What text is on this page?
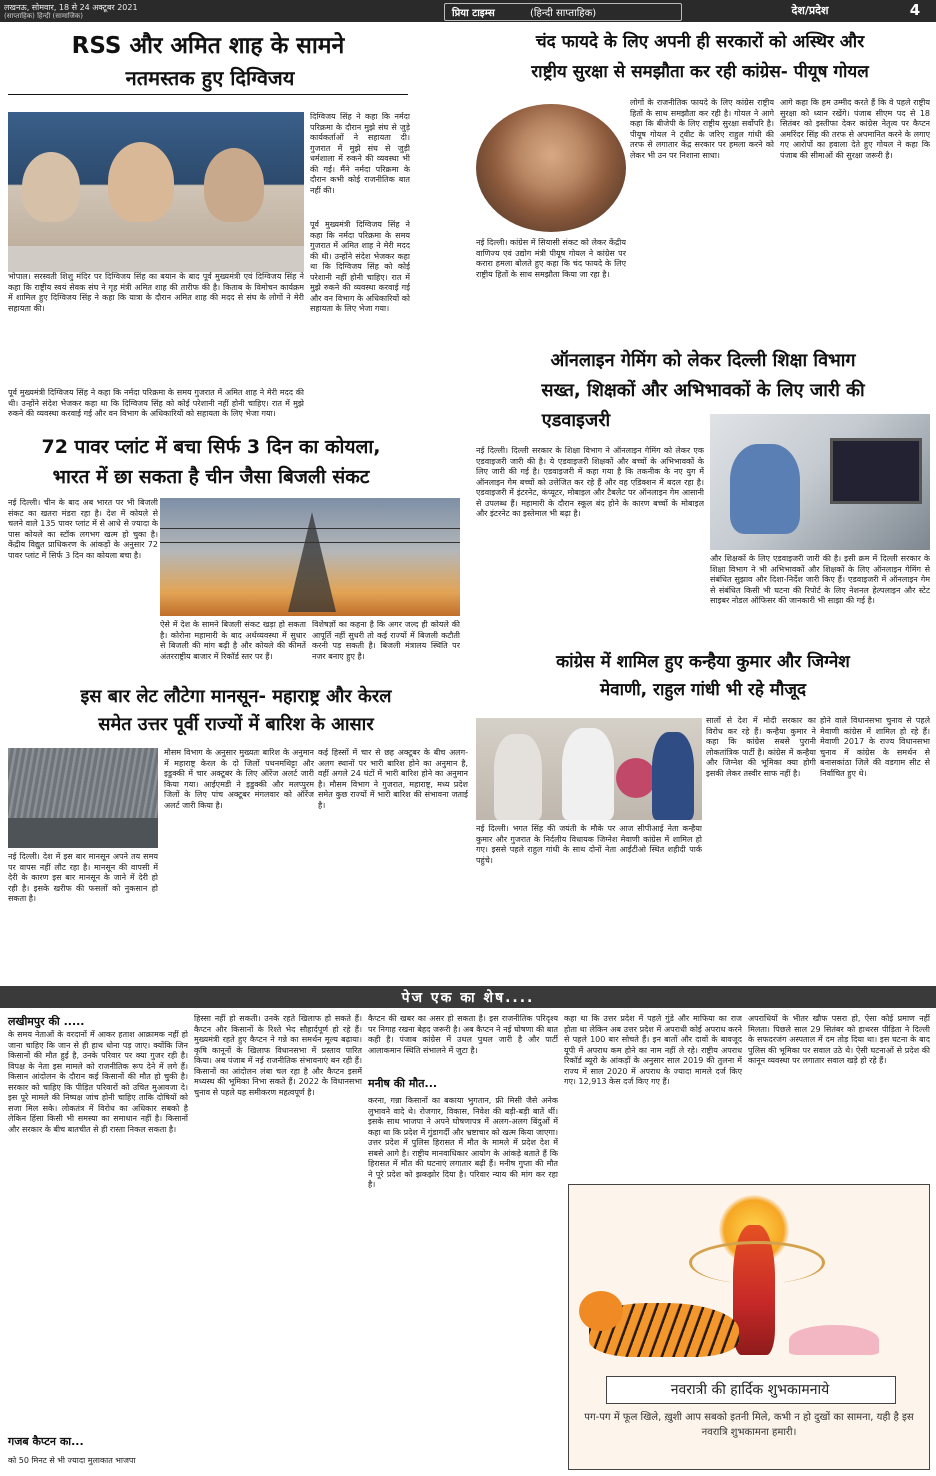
लखनऊ, सोमवार, 18 से 24 अक्टूबर 2021
(साप्ताहिक) हिन्दी (सामाजिक)	प्रिया टाइम्स	(हिन्दी साप्ताहिक)	देश/प्रदेश	4
RSS और अमित शाह के सामने
नतमस्तक हुए दिग्विजय
भोपाल। सरस्वती शिशु मंदिर पर दिग्विजय सिंह का बयान के बाद पूर्व मुख्यमंत्री एवं दिग्विजय सिंह ने कहा कि राष्ट्रीय स्वयं सेवक संघ ने गृह मंत्री अमित शाह की तारीफ की है। किताब के विमोचन कार्यक्रम में शामिल हुए दिग्विजय सिंह ने कहा कि यात्रा के दौरान अमित शाह की मदद से संघ के लोगों ने मेरी सहायता की।
दिग्विजय सिंह ने कहा कि नर्मदा परिक्रमा के दौरान मुझे संघ से जुड़े कार्यकर्ताओं ने सहायता दी। गुजरात में मुझे संघ से जुड़ी धर्मशाला में रुकने की व्यवस्था भी की गई। मैंने नर्मदा परिक्रमा के दौरान कभी कोई राजनीतिक बात नहीं की।
पूर्व मुख्यमंत्री दिग्विजय सिंह ने कहा कि नर्मदा परिक्रमा के समय गुजरात में अमित शाह ने मेरी मदद की थी। उन्होंने संदेश भेजकर कहा था कि दिग्विजय सिंह को कोई परेशानी नहीं होनी चाहिए। रात में मुझे रुकने की व्यवस्था करवाई गई और वन विभाग के अधिकारियों को सहायता के लिए भेजा गया।
पूर्व मुख्यमंत्री दिग्विजय सिंह ने कहा कि नर्मदा परिक्रमा के समय गुजरात में अमित शाह ने मेरी मदद की थी। उन्होंने संदेश भेजकर कहा था कि दिग्विजय सिंह को कोई परेशानी नहीं होनी चाहिए। रात में मुझे रुकने की व्यवस्था करवाई गई और वन विभाग के अधिकारियों को सहायता के लिए भेजा गया।
72 पावर प्लांट में बचा सिर्फ 3 दिन का कोयला,
भारत में छा सकता है चीन जैसा बिजली संकट
नई दिल्ली। चीन के बाद अब भारत पर भी बिजली संकट का खतरा मंडरा रहा है। देश में कोयले से चलने वाले 135 पावर प्लांट में से आधे से ज्यादा के पास कोयले का स्टॉक लगभग खत्म हो चुका है। केंद्रीय विद्युत प्राधिकरण के आंकड़ों के अनुसार 72 पावर प्लांट में सिर्फ 3 दिन का कोयला बचा है।
ऐसे में देश के सामने बिजली संकट खड़ा हो सकता है। कोरोना महामारी के बाद अर्थव्यवस्था में सुधार से बिजली की मांग बढ़ी है और कोयले की कीमतें अंतरराष्ट्रीय बाजार में रिकॉर्ड स्तर पर हैं।
विशेषज्ञों का कहना है कि अगर जल्द ही कोयले की आपूर्ति नहीं सुधरी तो कई राज्यों में बिजली कटौती करनी पड़ सकती है। बिजली मंत्रालय स्थिति पर नजर बनाए हुए है।
इस बार लेट लौटेगा मानसून- महाराष्ट्र और केरल
समेत उत्तर पूर्वी राज्यों में बारिश के आसार
नई दिल्ली। देश में इस बार मानसून अपने तय समय पर वापस नहीं लौट रहा है। मानसून की वापसी में देरी के कारण इस बार मानसून के जाने में देरी हो रही है। इसके खरीफ की फसलों को नुकसान हो सकता है।
मौसम विभाग के अनुसार मुख्यतः बारिश के अनुमान में महाराष्ट्र केरल के दो जिलों पथनमथिट्टा और इडुक्की में चार अक्टूबर के लिए ऑरेंज अलर्ट जारी किया गया। आईएमडी ने इडुक्की और मलप्पुरम जिलों के लिए पांच अक्टूबर मंगलवार को ऑरेंज अलर्ट जारी किया है।
कई हिस्सों में चार से छह अक्टूबर के बीच अलग-अलग स्थानों पर भारी बारिश होने का अनुमान है, वहीं अगले 24 घंटों में भारी बारिश होने का अनुमान है। मौसम विभाग ने गुजरात, महाराष्ट्र, मध्य प्रदेश समेत कुछ राज्यों में भारी बारिश की संभावना जताई है।
चंद फायदे के लिए अपनी ही सरकारों को अस्थिर और
राष्ट्रीय सुरक्षा से समझौता कर रही कांग्रेस- पीयूष गोयल
नई दिल्ली। कांग्रेस में सियासी संकट को लेकर केंद्रीय वाणिज्य एवं उद्योग मंत्री पीयूष गोयल ने कांग्रेस पर करारा हमला बोलते हुए कहा कि चंद फायदे के लिए राष्ट्रीय हितों के साथ समझौता किया जा रहा है।
लोगों के राजनीतिक फायदे के लिए कांग्रेस राष्ट्रीय हितों के साथ समझौता कर रही है। गोयल ने आगे कहा कि बीजेपी के लिए राष्ट्रीय सुरक्षा सर्वोपरि है। पीयूष गोयल ने ट्वीट के जरिए राहुल गांधी की तरफ से लगातार केंद्र सरकार पर हमला करने को लेकर भी उन पर निशाना साधा।
आगे कहा कि हम उम्मीद करते हैं कि वे पहले राष्ट्रीय सुरक्षा को ध्यान रखेंगे। पंजाब सीएम पद से 18 सितंबर को इस्तीफा देकर कांग्रेस नेतृत्व पर कैप्टन अमरिंदर सिंह की तरफ से अपमानित करने के लगाए गए आरोपों का हवाला देते हुए गोयल ने कहा कि पंजाब की सीमाओं की सुरक्षा जरूरी है।
ऑनलाइन गेमिंग को लेकर दिल्ली शिक्षा विभाग
सख्त, शिक्षकों और अभिभावकों के लिए जारी की
एडवाइजरी
नई दिल्ली। दिल्ली सरकार के शिक्षा विभाग ने ऑनलाइन गेमिंग को लेकर एक एडवाइजरी जारी की है। ये एडवाइजरी शिक्षकों और बच्चों के अभिभावकों के लिए जारी की गई है। एडवाइजरी में कहा गया है कि तकनीक के नए युग में ऑनलाइन गेम बच्चों को उत्तेजित कर रहे हैं और वह एडिक्शन में बदल रहा है। एडवाइजरी में इंटरनेट, कंप्यूटर, मोबाइल और टैबलेट पर ऑनलाइन गेम आसानी से उपलब्ध हैं। महामारी के दौरान स्कूल बंद होने के कारण बच्चों के मोबाइल और इंटरनेट का इस्तेमाल भी बढ़ा है।
और शिक्षकों के लिए एडवाइजरी जारी की है। इसी क्रम में दिल्ली सरकार के शिक्षा विभाग ने भी अभिभावकों और शिक्षकों के लिए ऑनलाइन गेमिंग से संबंधित सुझाव और दिशा-निर्देश जारी किए हैं। एडवाइजरी में ऑनलाइन गेम से संबंधित किसी भी घटना की रिपोर्ट के लिए नेशनल हेल्पलाइन और स्टेट साइबर नोडल ऑफिसर की जानकारी भी साझा की गई है।
कांग्रेस में शामिल हुए कन्हैया कुमार और जिग्नेश
मेवाणी, राहुल गांधी भी रहे मौजूद
नई दिल्ली। भगत सिंह की जयंती के मौके पर आज सीपीआई नेता कन्हैया कुमार और गुजरात के निर्दलीय विधायक जिग्नेश मेवाणी कांग्रेस में शामिल हो गए। इससे पहले राहुल गांधी के साथ दोनों नेता आईटीओ स्थित शहीदी पार्क पहुंचे।
सालों से देश में मोदी सरकार का विरोध कर रहे हैं। कन्हैया कुमार ने कहा कि कांग्रेस सबसे पुरानी लोकतांत्रिक पार्टी है। कांग्रेस में कन्हैया और जिग्नेश की भूमिका क्या होगी इसकी लेकर तस्वीर साफ नहीं है।
होने वाले विधानसभा चुनाव से पहले मेवाणी कांग्रेस में शामिल हो रहे हैं। मेवाणी 2017 के राज्य विधानसभा चुनाव में कांग्रेस के समर्थन से बनासकांठा जिले की वडगाम सीट से निर्वाचित हुए थे।
पेज एक का शेष....
लखीमपुर की .....
के समय नेताओं के वरदानों में आकर हताश आक्रामक नहीं हो जाना चाहिए कि जान से ही हाथ धोना पड़ जाए। क्योंकि जिन किसानों की मौत हुई है, उनके परिवार पर क्या गुजर रही है। विपक्ष के नेता इस मामले को राजनीतिक रूप देने में लगे हैं। किसान आंदोलन के दौरान कई किसानों की मौत हो चुकी है। सरकार को चाहिए कि पीड़ित परिवारों को उचित मुआवजा दे। इस पूरे मामले की निष्पक्ष जांच होनी चाहिए ताकि दोषियों को सजा मिल सके। लोकतंत्र में विरोध का अधिकार सबको है लेकिन हिंसा किसी भी समस्या का समाधान नहीं है। किसानों और सरकार के बीच बातचीत से ही रास्ता निकल सकता है।
गजब कैप्टन का...
को 50 मिनट से भी ज्यादा मुलाकात भाजपा
हिस्सा नहीं हो सकती। उनके रहते खिलाफ हो सकते हैं। कैप्टन और किसानों के रिश्ते भेद सौहार्दपूर्ण हो रहे हैं। मुख्यमंत्री रहते हुए कैप्टन ने गन्ने का समर्थन मूल्य बढ़ाया। कृषि कानूनों के खिलाफ विधानसभा में प्रस्ताव पारित किया। अब पंजाब में नई राजनीतिक संभावनाएं बन रही हैं। किसानों का आंदोलन लंबा चल रहा है और कैप्टन इसमें मध्यस्थ की भूमिका निभा सकते हैं। 2022 के विधानसभा चुनाव से पहले यह समीकरण महत्वपूर्ण है।
कैप्टन की खबर का असर हो सकता है। इस राजनीतिक परिदृश्य पर निगाह रखना बेहद जरूरी है। अब कैप्टन ने नई घोषणा की बात कही है। पंजाब कांग्रेस में उथल पुथल जारी है और पार्टी आलाकमान स्थिति संभालने में जुटा है।
मनीष की मौत...
करना, गन्ना किसानों का बकाया भुगतान, फ्री मिसी जैसे अनेक लुभावने वादे थे। रोजगार, विकास, निवेश की बड़ी-बड़ी बातें थीं। इसके साथ भाजपा ने अपने घोषणापत्र में अलग-अलग बिंदुओं में कहा था कि प्रदेश में गुंडागर्दी और भ्रष्टाचार को खत्म किया जाएगा। उत्तर प्रदेश में पुलिस हिरासत में मौत के मामले में प्रदेश देश में सबसे आगे है। राष्ट्रीय मानवाधिकार आयोग के आंकड़े बताते हैं कि हिरासत में मौत की घटनाएं लगातार बढ़ी हैं। मनीष गुप्ता की मौत ने पूरे प्रदेश को झकझोर दिया है। परिवार न्याय की मांग कर रहा है।
कहा था कि उत्तर प्रदेश में पहले गुंडे और माफिया का राज होता था लेकिन अब उत्तर प्रदेश में अपराधी कोई अपराध करने से पहले 100 बार सोचते हैं। इन बातों और दावों के बावजूद यूपी में अपराध कम होने का नाम नहीं ले रहे। राष्ट्रीय अपराध रिकॉर्ड ब्यूरो के आंकड़ों के अनुसार साल 2019 की तुलना में राज्य में साल 2020 में अपराध के ज्यादा मामले दर्ज किए गए। 12,913 केस दर्ज किए गए हैं।
अपराधियों के भीतर खौफ पसरा हो, ऐसा कोई प्रमाण नहीं मिलता। पिछले साल 29 सितंबर को हाथरस पीड़िता ने दिल्ली के सफदरजंग अस्पताल में दम तोड़ दिया था। इस घटना के बाद पुलिस की भूमिका पर सवाल उठे थे। ऐसी घटनाओं से प्रदेश की कानून व्यवस्था पर लगातार सवाल खड़े हो रहे हैं।
नवरात्री की हार्दिक शुभकामनाये
पग-पग में फूल खिले, ख़ुशी आप सबको इतनी मिले, कभी न हो दुखों का सामना, यही है इस नवरात्रि शुभकामना हमारी।
